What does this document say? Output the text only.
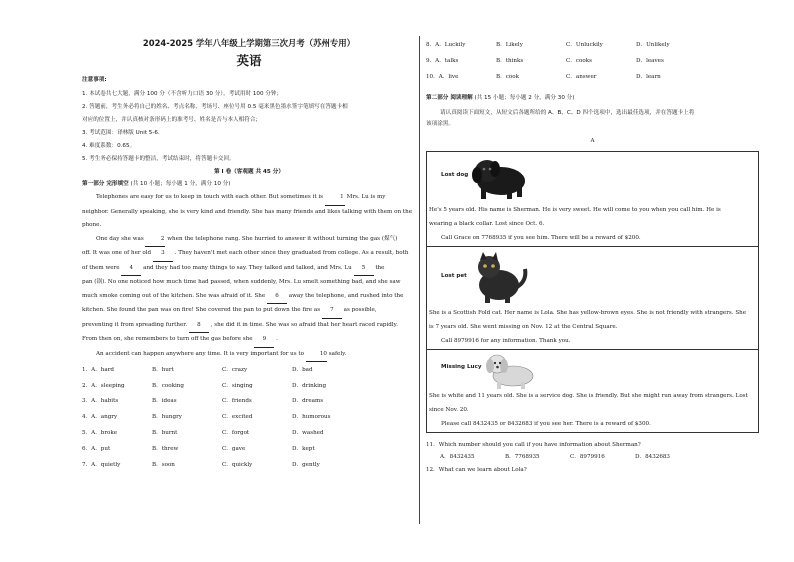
2024-2025 学年八年级上学期第三次月考（苏州专用）
英语
注意事项:
1. 本试卷共七大题，满分 100 分（不含听力口语 30 分），考试用时 100 分钟；
2. 答题前，考生务必将自己的姓名、考点名称、考场号、座位号用 0.5 毫米黑色墨水签字笔填写在答题卡相
对应的位置上，并认真核对条形码上的准考号、姓名是否与本人相符合；
3. 考试范围：译林版 Unit 5-6.
4. 难度系数：0.65。
5. 考生务必保持答题卡的整洁，考试结束时，将答题卡交回。
第 I 卷（客观题 共 45 分）
第一部分 完形填空 (共 10 小题；每小题 1 分，满分 10 分)

Telephones are easy for us to keep in touch with each other. But sometimes it is	1 Mrs. Lu is my

neighbor. Generally speaking, she is very kind and friendly. She has many friends and likes talking with them on the

phone.

One day she was	2 when the telephone rang. She hurried to answer it without turning the gas (煤气)

off. It was one of her old 3 . They haven't met each other since they graduated from college. As a result, both

of them were 4 and they had too many things to say. They talked and talked, and Mrs. Lu 5 the

pan (锅). No one noticed how much time had passed, when suddenly, Mrs. Lu smelt something bad, and she saw

much smoke coming out of the kitchen. She was afraid of it. She 6 away the telephone, and rushed into the

kitchen. She found the pan was on fire! She covered the pan to put down the fire as 7 as possible,

preventing it from spreading further. 8 , she did it in time. She was so afraid that her heart raced rapidly.

From then on, she remembers to turn off the gas before she 9 .

An accident can happen anywhere any time. It is very important for us to	10 safely.

1．A．hard	B．hurt	C．crazy	D．bad
2．A．sleeping	B．cooking	C．singing	D．drinking
3．A．habits	B．ideas	C．friends	D．dreams
4．A．angry	B．hungry	C．excited	D．humorous
5．A．broke	B．burnt	C．forgot	D．washed
6．A．put	B．threw	C．gave	D．kept
7．A．quietly	B．soon	C．quickly	D．gently
8．A．Luckily	B．Likely	C．Unluckily	D．Unlikely
9．A．talks	B．thinks	C．cooks	D．leaves
10．A．live	B．cook	C．answer	D．learn
第二部分 阅读理解 (共 15 小题；每小题 2 分，满分 30 分)

请认真阅读下面短文，从短文后各题所给的 A、B、C、D 四个选项中，选出最佳选项，并在答题卡上将

该项涂黑。

A
Lost dog

He's 5 years old. His name is Sherman. He is very sweet. He will come to you when you call him. He is

wearing a black collar. Lost since Oct. 6.

Call Grace on 7768935 if you see him. There will be a reward of $200.

Lost pet

She is a Scottish Fold cat. Her name is Lola. She has yellow-brown eyes. She is not friendly with strangers. She

is 7 years old. She went missing on Nov. 12 at the Central Square.

Call 8979916 for any information. Thank you.

Missing Lucy

She is white and 11 years old. She is a service dog. She is friendly. But she might run away from strangers. Lost

since Nov. 20.

Please call 8432435 or 8432683 if you see her. There is a reward of $300.

11．Which number should you call if you have information about Sherman?

A．8432435	B．7768935	C．8979916	D．8432683

12．What can we learn about Lola?
